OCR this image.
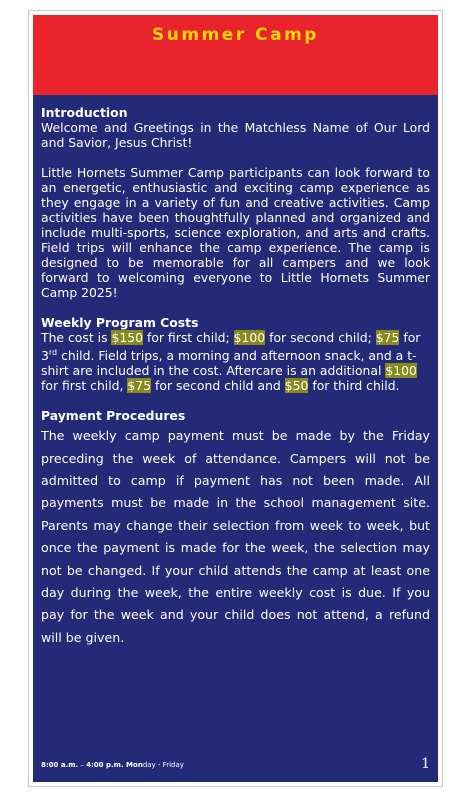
Summer Camp
Introduction

Welcome and Greetings in the Matchless Name of Our Lord and Savior, Jesus Christ!

Little Hornets Summer Camp participants can look forward to an energetic, enthusiastic and exciting camp experience as they engage in a variety of fun and creative activities. Camp activities have been thoughtfully planned and organized and include multi-sports, science exploration, and arts and crafts. Field trips will enhance the camp experience. The camp is designed to be memorable for all campers and we look forward to welcoming everyone to Little Hornets Summer Camp 2025!

Weekly Program Costs

The cost is $150 for first child; $100 for second child; $75 for 3rd child. Field trips, a morning and afternoon snack, and a t-shirt are included in the cost. Aftercare is an additional $100 for first child, $75 for second child and $50 for third child.

Payment Procedures

The weekly camp payment must be made by the Friday preceding the week of attendance. Campers will not be admitted to camp if payment has not been made. All payments must be made in the school management site. Parents may change their selection from week to week, but once the payment is made for the week, the selection may not be changed. If your child attends the camp at least one day during the week, the entire weekly cost is due. If you pay for the week and your child does not attend, a refund will be given.

8:00 a.m. – 4:00 p.m. Monday - Friday	1
